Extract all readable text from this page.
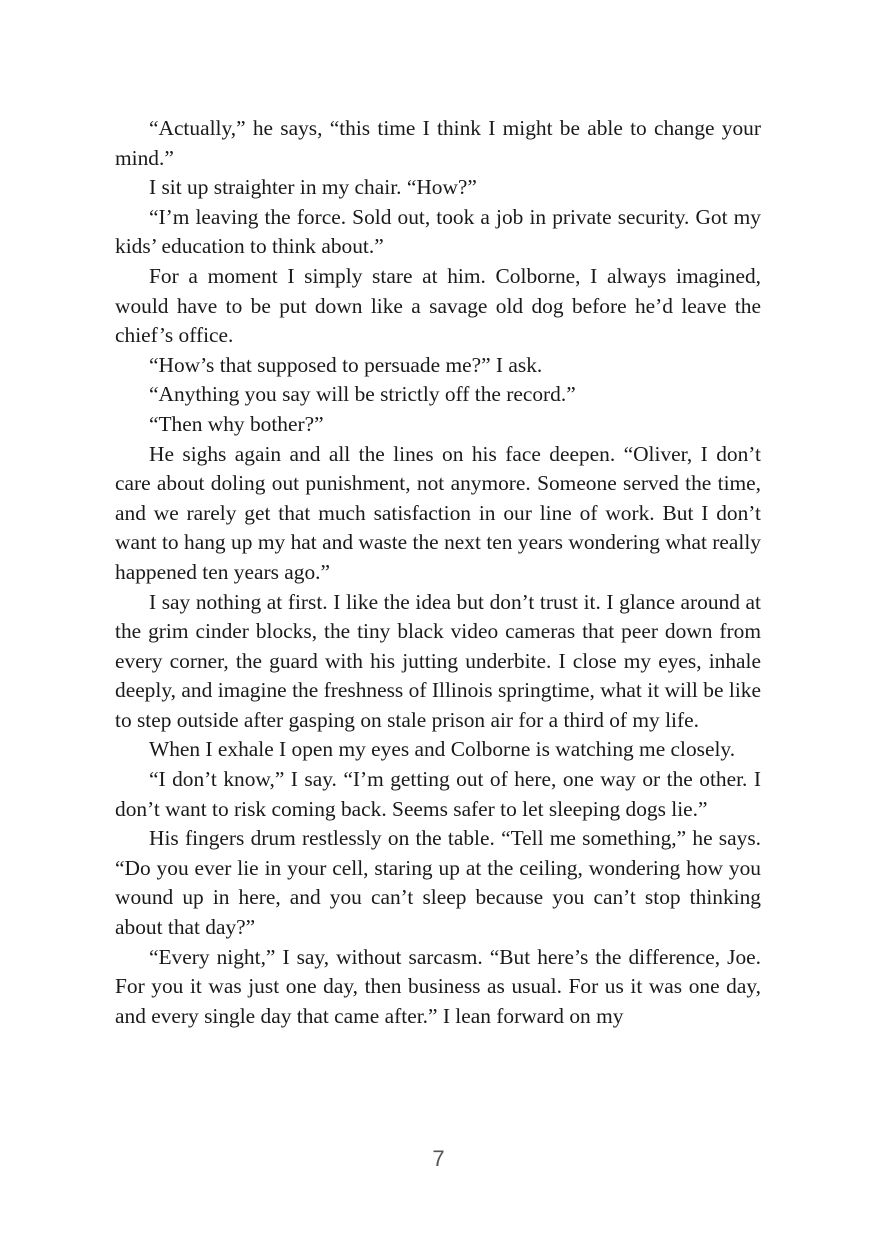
“Actually,” he says, “this time I think I might be able to change your mind.”

I sit up straighter in my chair. “How?”

“I’m leaving the force. Sold out, took a job in private security. Got my kids’ education to think about.”

For a moment I simply stare at him. Colborne, I always imagined, would have to be put down like a savage old dog before he’d leave the chief’s office.

“How’s that supposed to persuade me?” I ask.

“Anything you say will be strictly off the record.”

“Then why bother?”

He sighs again and all the lines on his face deepen. “Oliver, I don’t care about doling out punishment, not anymore. Someone served the time, and we rarely get that much satisfaction in our line of work. But I don’t want to hang up my hat and waste the next ten years wondering what really happened ten years ago.”

I say nothing at first. I like the idea but don’t trust it. I glance around at the grim cinder blocks, the tiny black video cameras that peer down from every corner, the guard with his jutting underbite. I close my eyes, inhale deeply, and imagine the freshness of Illinois springtime, what it will be like to step outside after gasping on stale prison air for a third of my life.

When I exhale I open my eyes and Colborne is watching me closely.

“I don’t know,” I say. “I’m getting out of here, one way or the other. I don’t want to risk coming back. Seems safer to let sleeping dogs lie.”

His fingers drum restlessly on the table. “Tell me something,” he says. “Do you ever lie in your cell, staring up at the ceiling, wondering how you wound up in here, and you can’t sleep because you can’t stop thinking about that day?”

“Every night,” I say, without sarcasm. “But here’s the difference, Joe. For you it was just one day, then business as usual. For us it was one day, and every single day that came after.” I lean forward on my

7
